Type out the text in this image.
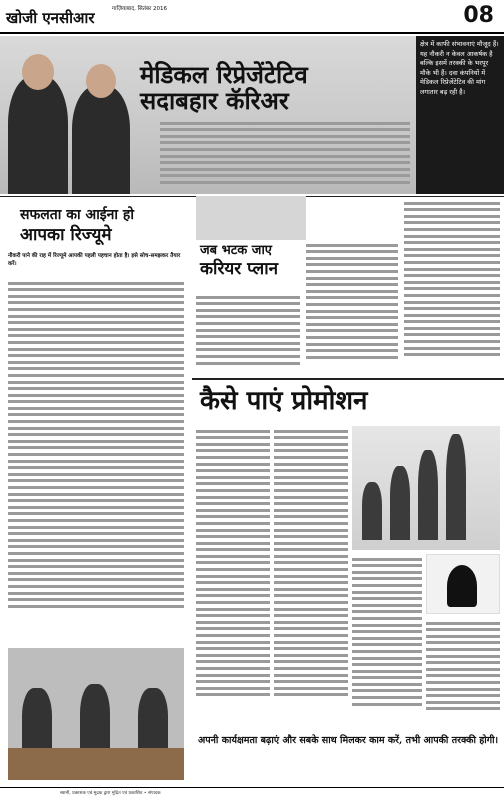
खोजी एनसीआर	गाज़ियाबाद, सितंबर 2016	08
मेडिकल रिप्रेजेंटेटिव
सदाबहार कॅरिअर
क्षेत्र में काफी संभावनाएं मौजूद हैं। यह नौकरी न केवल आकर्षक है बल्कि इसमें तरक्की के भरपूर मौके भी हैं। दवा कंपनियों में मेडिकल रिप्रेजेंटेटिव की मांग लगातार बढ़ रही है।
सफलता का आईना हो
आपका रिज्यूमे
नौकरी पाने की राह में रिज्यूमे आपकी पहली पहचान होता है। इसे सोच-समझकर तैयार करें।
जब भटक जाए
करियर प्लान
कैसे पाएं प्रोमोशन
अपनी कार्यक्षमता बढ़ाएं और सबके साथ मिलकर काम करें, तभी आपकी तरक्की होगी।
स्वामी, प्रकाशक एवं मुद्रक द्वारा मुद्रित एवं प्रकाशित • संपादक
